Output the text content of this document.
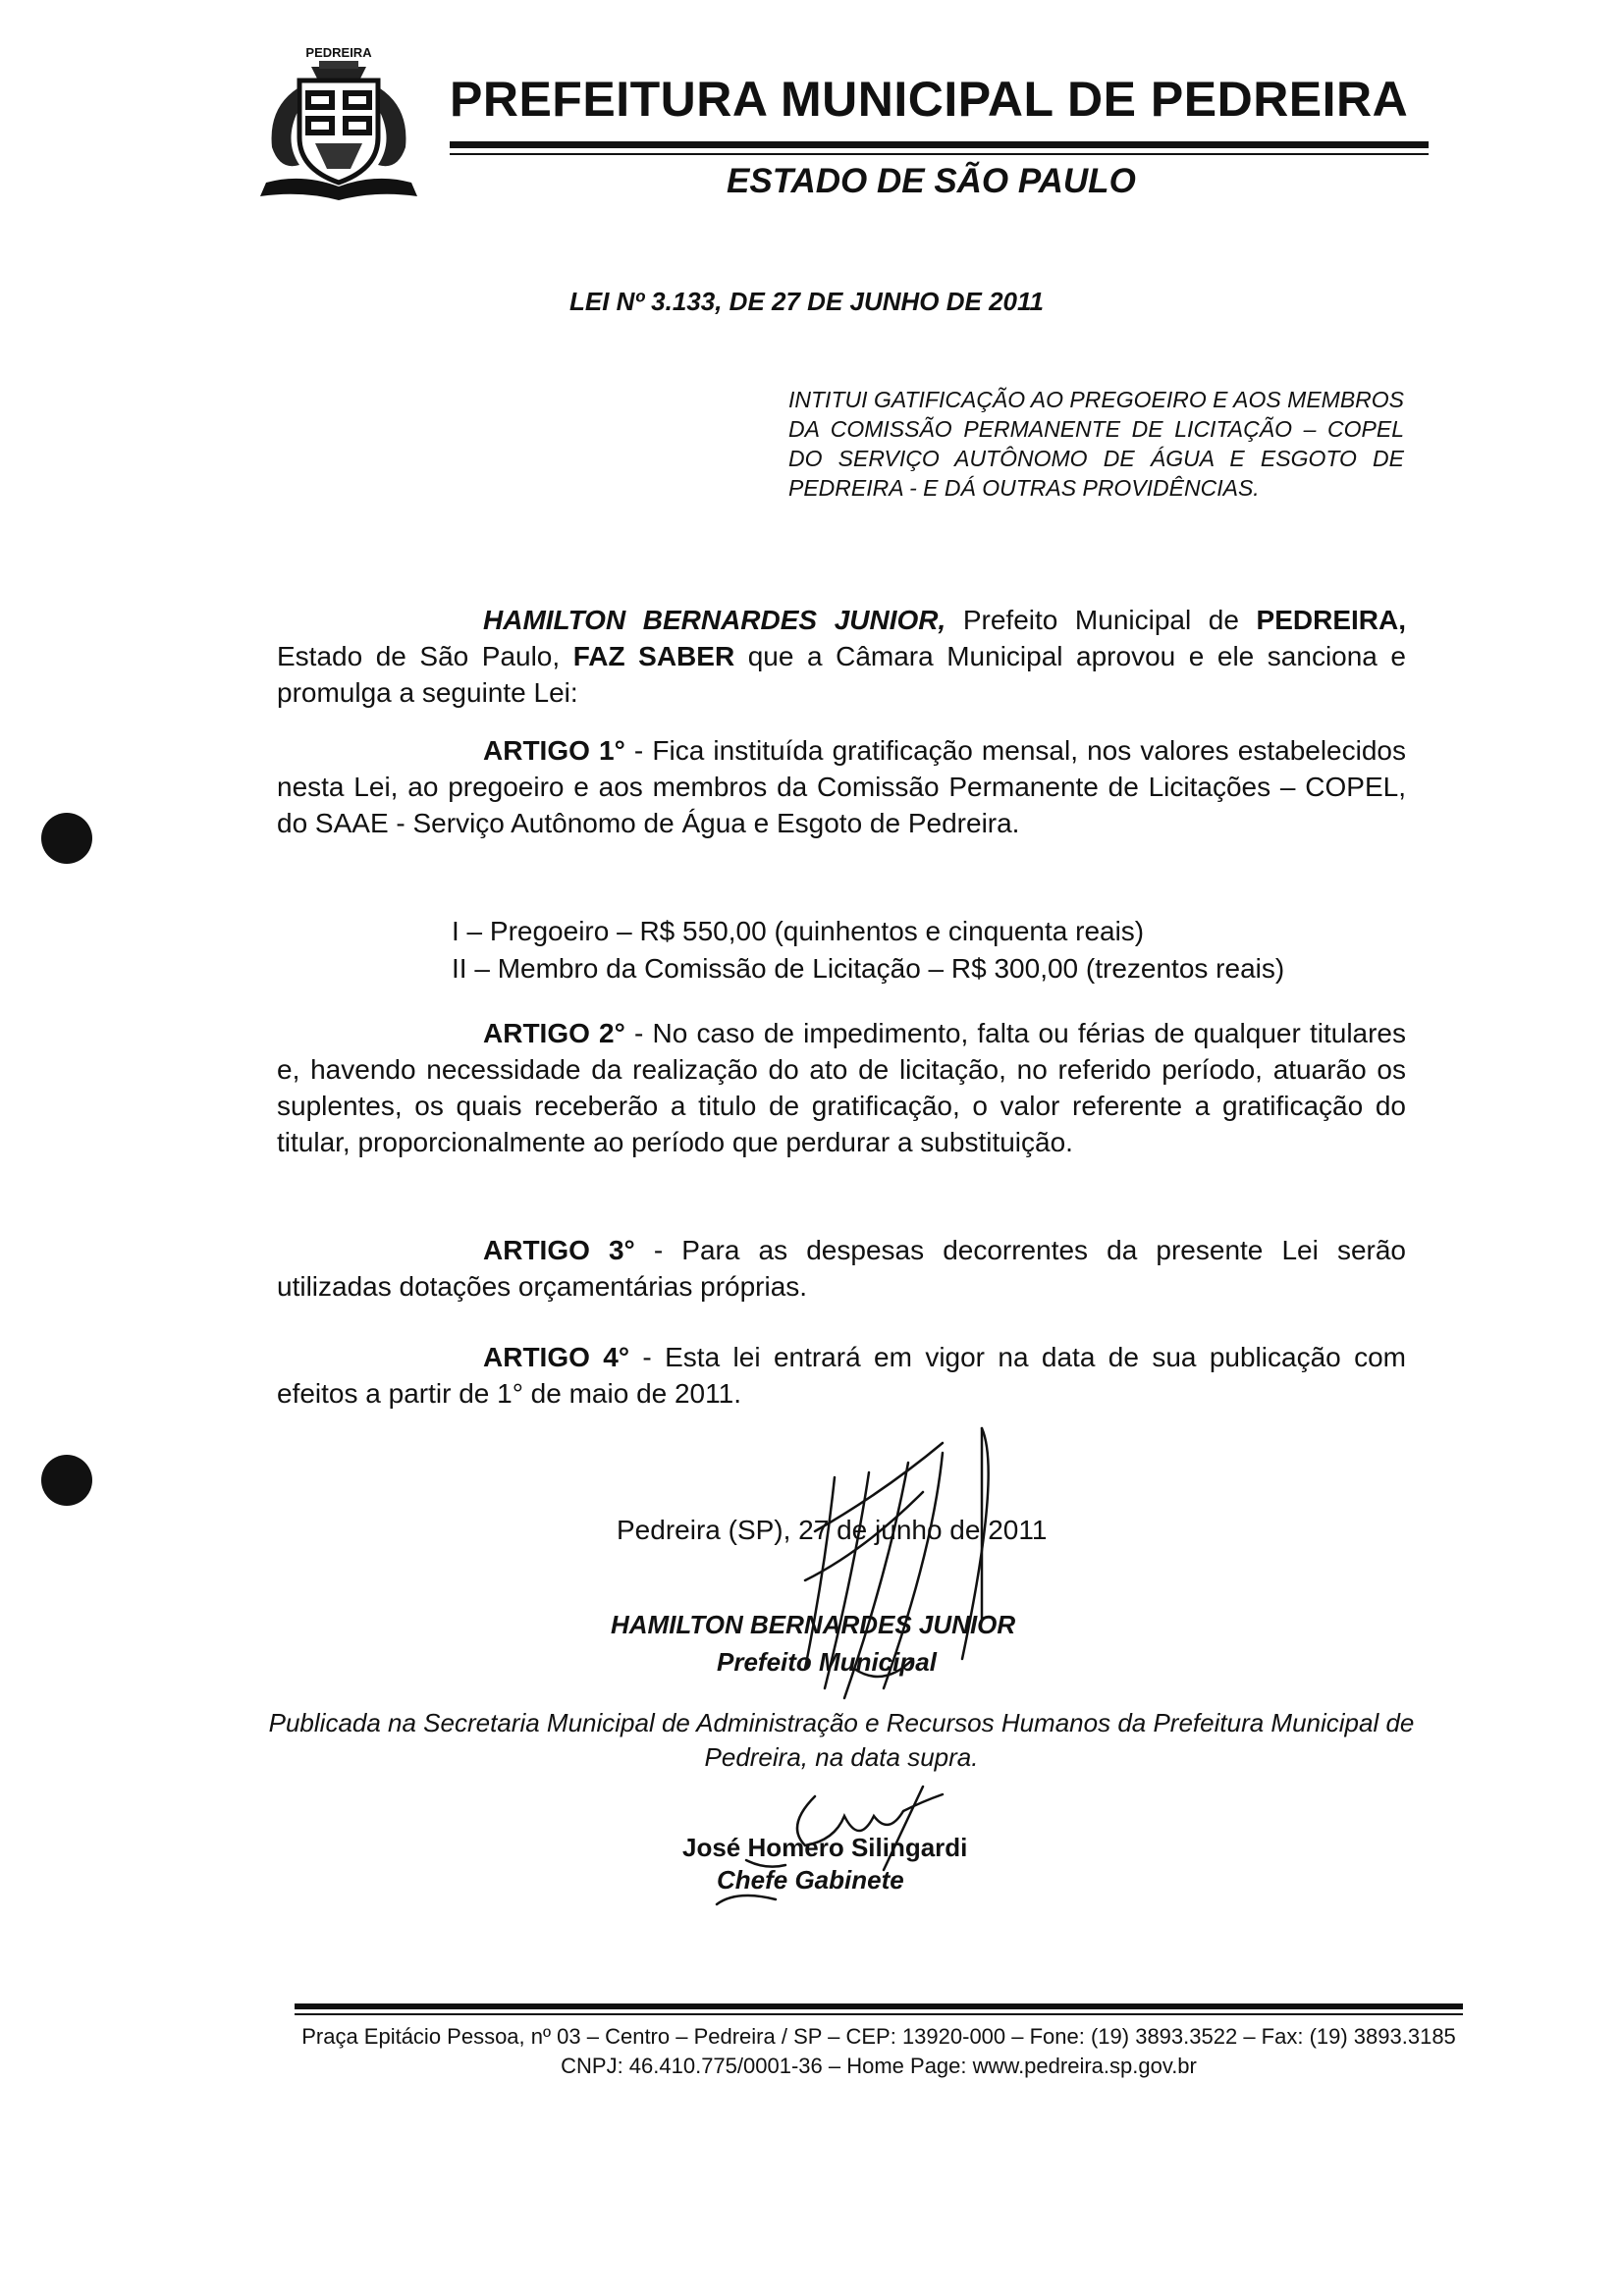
PEDREIRA
PREFEITURA MUNICIPAL DE PEDREIRA
ESTADO DE SÃO PAULO
LEI Nº 3.133, DE 27 DE JUNHO DE 2011
INTITUI GATIFICAÇÃO AO PREGOEIRO E AOS MEMBROS DA COMISSÃO PERMANENTE DE LICITAÇÃO – COPEL DO SERVIÇO AUTÔNOMO DE ÁGUA E ESGOTO DE PEDREIRA - E DÁ OUTRAS PROVIDÊNCIAS.
HAMILTON BERNARDES JUNIOR, Prefeito Municipal de PEDREIRA, Estado de São Paulo, FAZ SABER que a Câmara Municipal aprovou e ele sanciona e promulga a seguinte Lei:
ARTIGO 1° - Fica instituída gratificação mensal, nos valores estabelecidos nesta Lei, ao pregoeiro e aos membros da Comissão Permanente de Licitações – COPEL, do SAAE - Serviço Autônomo de Água e Esgoto de Pedreira.
I – Pregoeiro – R$ 550,00 (quinhentos e cinquenta reais)
II – Membro da Comissão de Licitação – R$ 300,00 (trezentos reais)
ARTIGO 2° - No caso de impedimento, falta ou férias de qualquer titulares e, havendo necessidade da realização do ato de licitação, no referido período, atuarão os suplentes, os quais receberão a titulo de gratificação, o valor referente a gratificação do titular, proporcionalmente ao período que perdurar a substituição.
ARTIGO 3° - Para as despesas decorrentes da presente Lei serão utilizadas dotações orçamentárias próprias.
ARTIGO 4° - Esta lei entrará em vigor na data de sua publicação com efeitos a partir de 1° de maio de 2011.
Pedreira (SP), 27 de junho de 2011
HAMILTON BERNARDES JUNIOR
Prefeito Municipal
Publicada na Secretaria Municipal de Administração e Recursos Humanos da Prefeitura Municipal de Pedreira, na data supra.
José Homero Silingardi
Chefe Gabinete
Praça Epitácio Pessoa, nº 03 – Centro – Pedreira / SP – CEP: 13920-000 – Fone: (19) 3893.3522 – Fax: (19) 3893.3185
CNPJ: 46.410.775/0001-36 – Home Page: www.pedreira.sp.gov.br
